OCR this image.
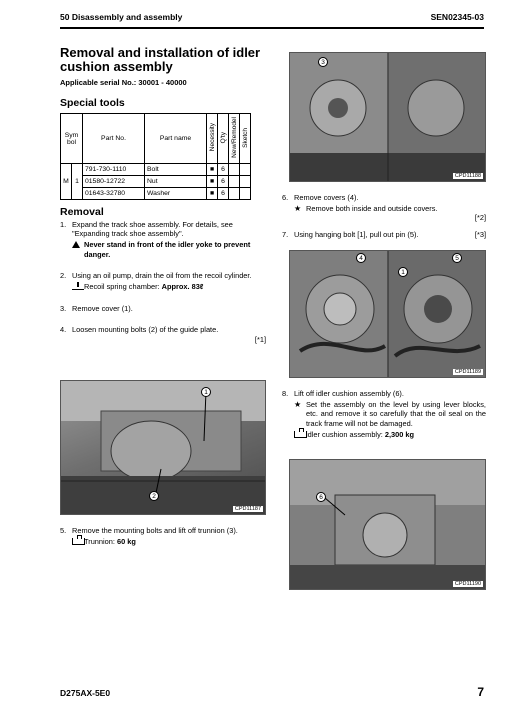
50 Disassembly and assembly	SEN02345-03
Removal and installation of idler
cushion assembly
Applicable serial No.: 30001 - 40000
Special tools
Sym bol		Part No.	Part name	Necessity	Q'ty	New/Remodel	Sketch
M	1	791-730-1110	Bolt	■	6		
		01580-12722	Nut	■	6		
		01643-32780	Washer	■	6		
Removal
1. Expand the track shoe assembly. For details, see "Expanding track shoe assembly".
Never stand in front of the idler yoke to prevent danger.
2. Using an oil pump, drain the oil from the recoil cylinder.
Recoil spring chamber: Approx. 83ℓ
3. Remove cover (1).
4. Loosen mounting bolts (2) of the guide plate.
[*1]
1
2
CPD11187
5. Remove the mounting bolts and lift off trunnion (3).
Trunnion: 60 kg
3
CPD11188
6. Remove covers (4).
★ Remove both inside and outside covers.
[*2]
7. Using hanging bolt [1], pull out pin (5).	[*3]
4	5
1
CPD11189
8. Lift off idler cushion assembly (6).
★ Set the assembly on the level by using lever blocks, etc. and remove it so carefully that the oil seal on the track frame will not be damaged.
idler cushion assembly: 2,300 kg
6
CPD11190
D275AX-5E0	7
